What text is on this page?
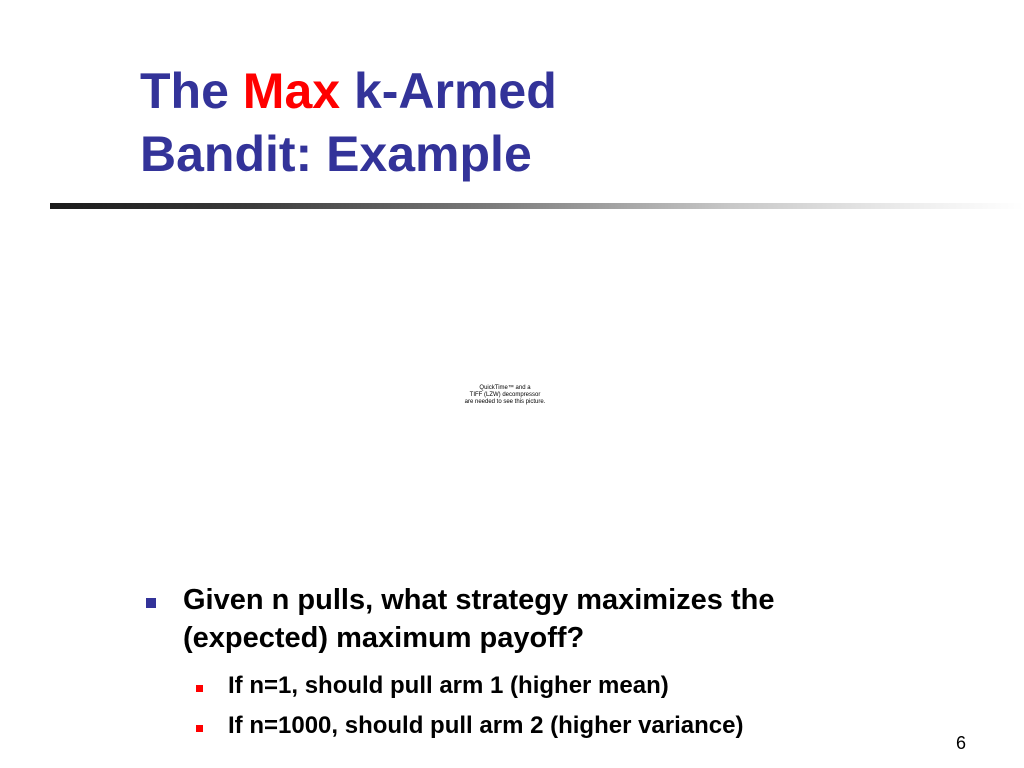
The Max k-Armed
Bandit: Example
QuickTime™ and a
TIFF (LZW) decompressor
are needed to see this picture.
Given n pulls, what strategy maximizes the (expected) maximum payoff?
If n=1, should pull arm 1 (higher mean)
If n=1000, should pull arm 2 (higher variance)
6
